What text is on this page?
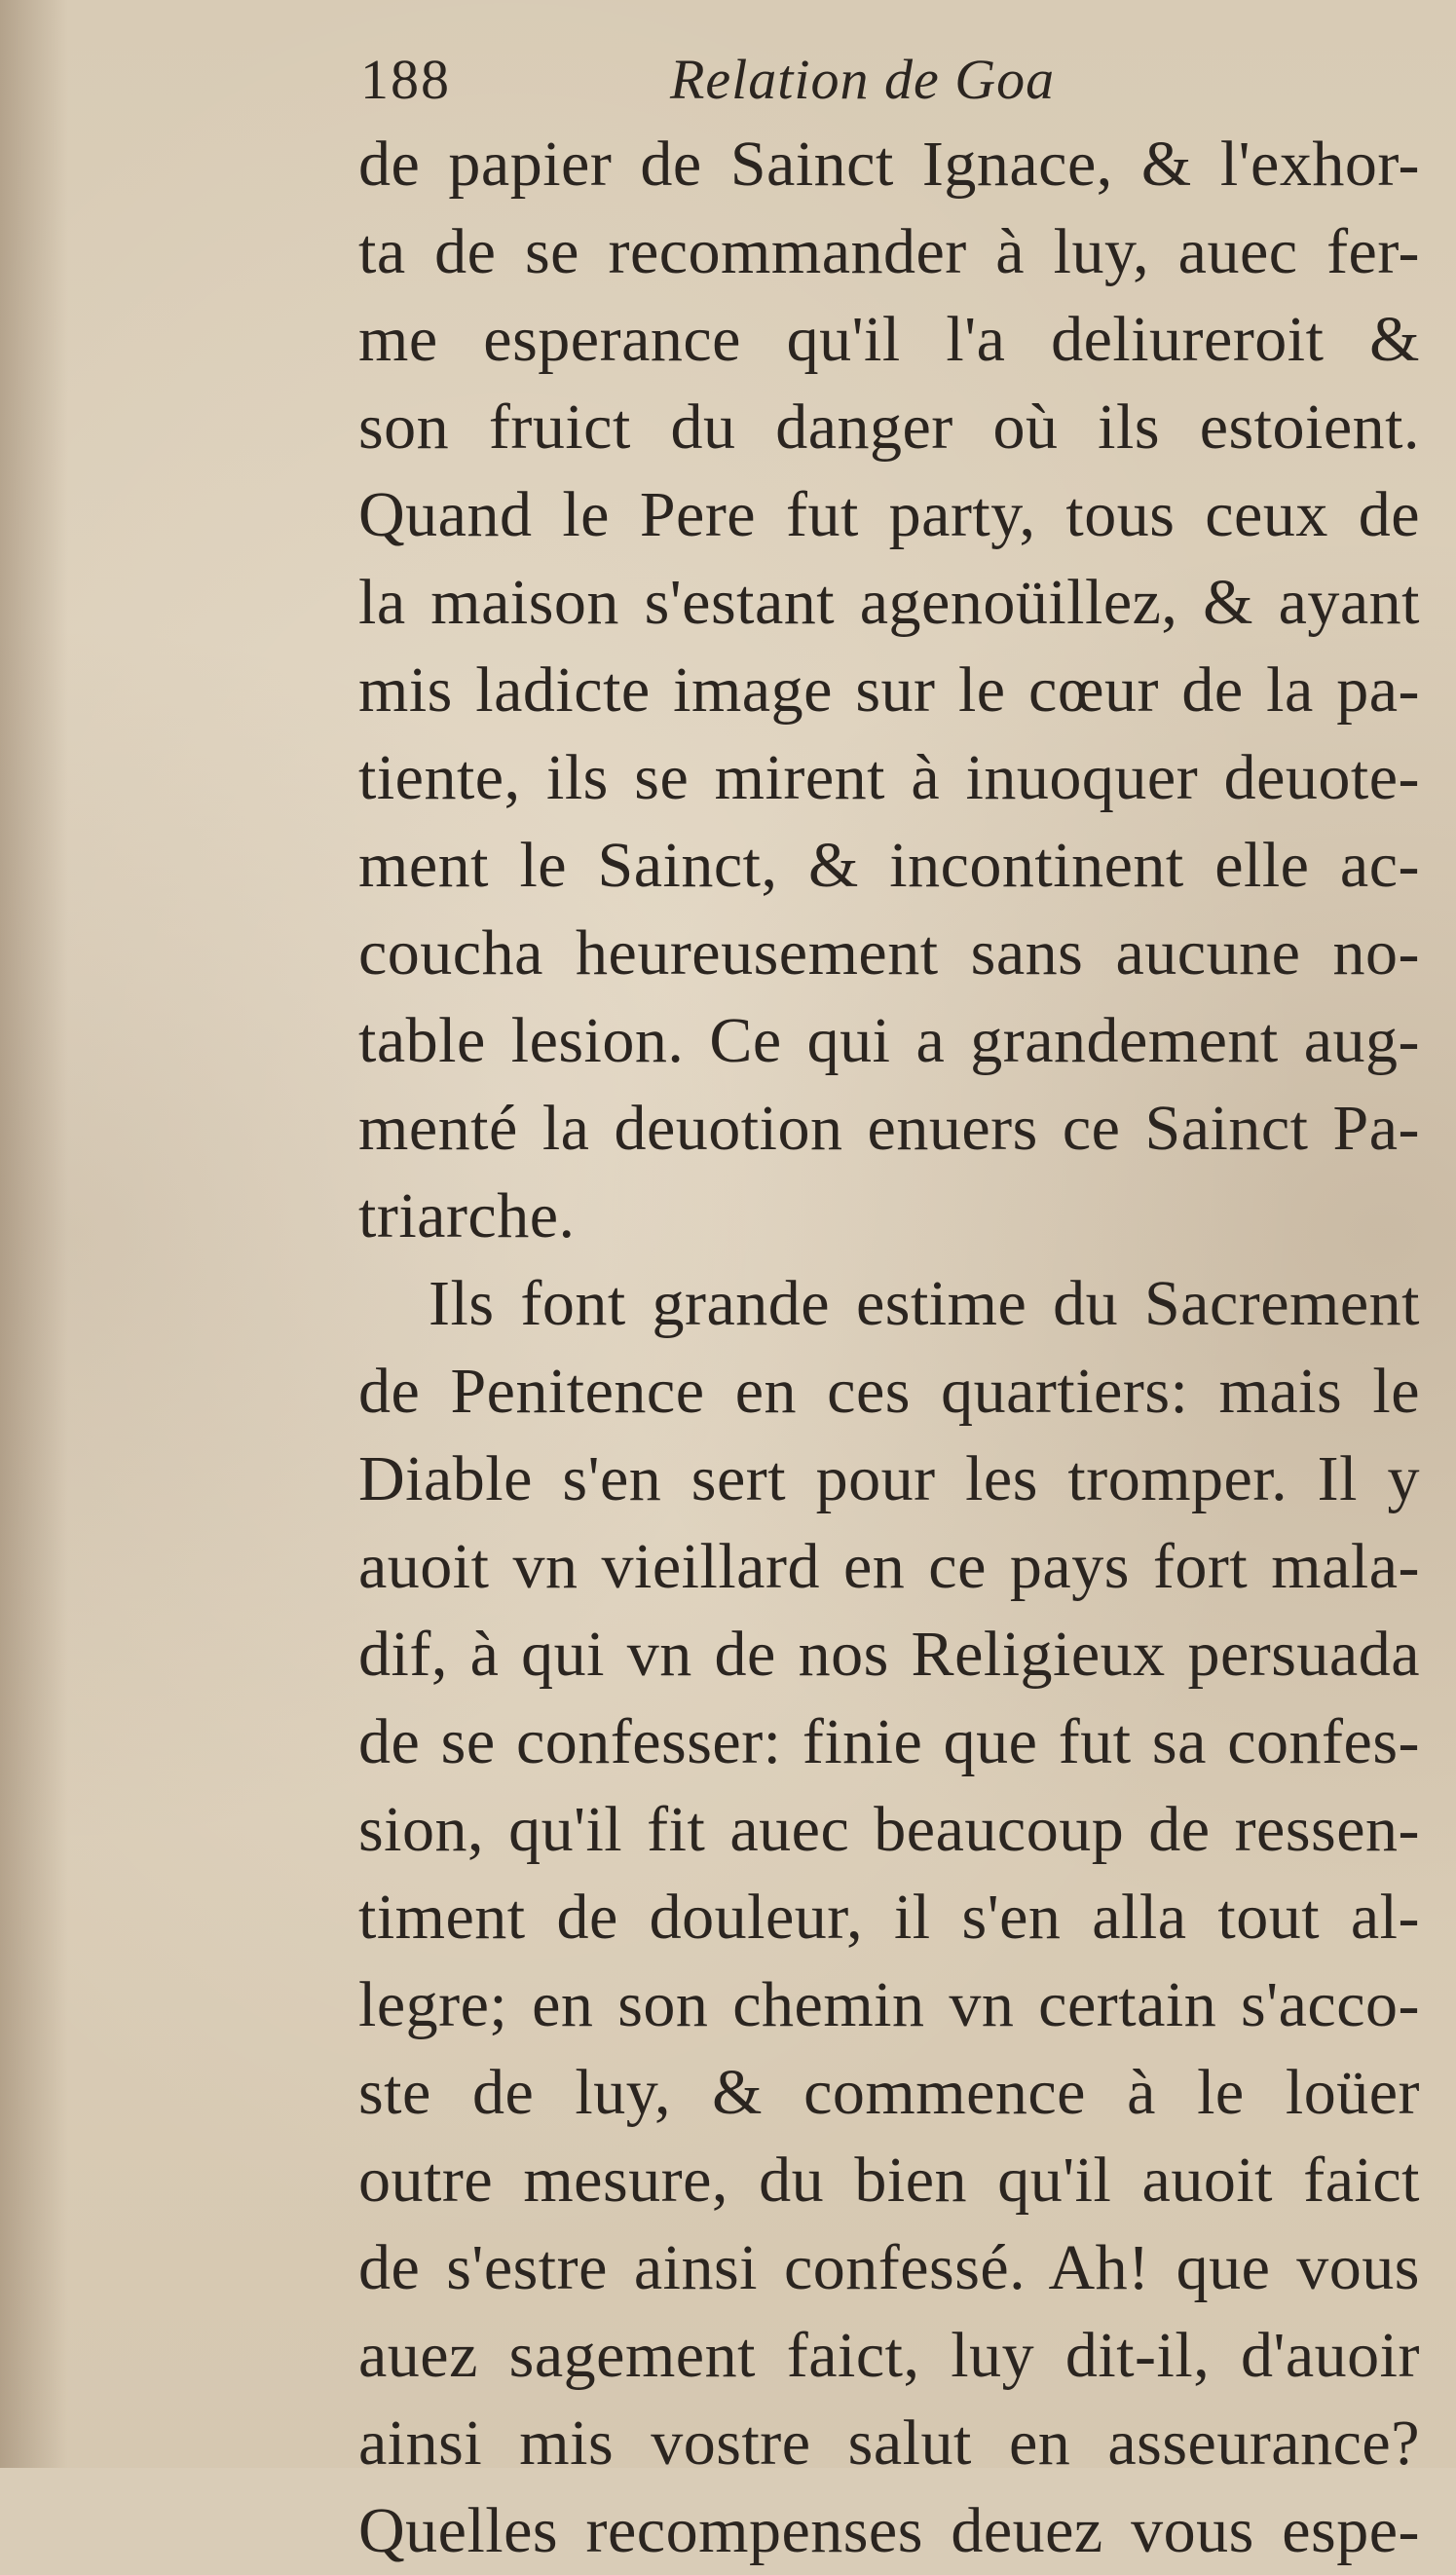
188	Relation de Goa
de papier de Sainct Ignace, & l'exhor-
ta de se recommander à luy, auec fer-
me esperance qu'il l'a deliureroit &
son fruict du danger où ils estoient.
Quand le Pere fut party, tous ceux de
la maison s'estant agenoüillez, & ayant
mis ladicte image sur le cœur de la pa-
tiente, ils se mirent à inuoquer deuote-
ment le Sainct, & incontinent elle ac-
coucha heureusement sans aucune no-
table lesion. Ce qui a grandement aug-
menté la deuotion enuers ce Sainct Pa-
triarche.
Ils font grande estime du Sacrement
de Penitence en ces quartiers: mais le
Diable s'en sert pour les tromper. Il y
auoit vn vieillard en ce pays fort mala-
dif, à qui vn de nos Religieux persuada
de se confesser: finie que fut sa confes-
sion, qu'il fit auec beaucoup de ressen-
timent de douleur, il s'en alla tout al-
legre; en son chemin vn certain s'acco-
ste de luy, & commence à le loüer
outre mesure, du bien qu'il auoit faict
de s'estre ainsi confessé. Ah! que vous
auez sagement faict, luy dit-il, d'auoir
ainsi mis vostre salut en asseurance?
Quelles recompenses deuez vous espe-
